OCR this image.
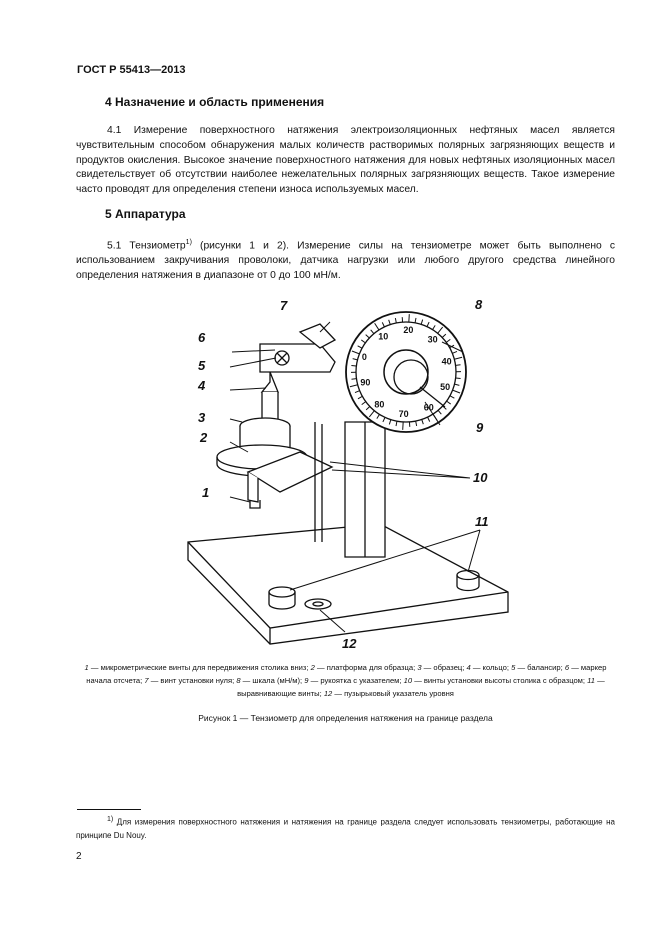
ГОСТ Р 55413—2013
4 Назначение и область применения
4.1 Измерение поверхностного натяжения электроизоляционных нефтяных масел является чувствительным способом обнаружения малых количеств растворимых полярных загрязняющих веществ и продуктов окисления. Высокое значение поверхностного натяжения для новых нефтяных изоляционных масел свидетельствует об отсутствии наиболее нежелательных полярных загрязняющих веществ. Такое измерение часто проводят для определения степени износа используемых масел.
5 Аппаратура
5.1 Тензиометр$^{1)}$ (рисунки 1 и 2). Измерение силы на тензиометре может быть выполнено с использованием закручивания проволоки, датчика нагрузки или любого другого средства линейного определения натяжения в диапазоне от 0 до 100 мН/м.
0
10
20
30
40
50
60
70
80
90
1
2
3
4
5
6
7	8
9
10
11
12
1 — микрометрические винты для передвижения столика вниз; 2 — платформа для образца; 3 — образец; 4 — кольцо; 5 — балансир; 6 — маркер начала отсчета; 7 — винт установки нуля; 8 — шкала (мН/м); 9 — рукоятка с указателем; 10 — винты установки высоты столика с образцом; 11 — выравнивающие винты; 12 — пузырьковый указатель уровня
Рисунок 1 — Тензиометр для определения натяжения на границе раздела
$^{1)}$ Для измерения поверхностного натяжения и натяжения на границе раздела следует использовать тензиометры, работающие на принципе Du Nouy.
2
